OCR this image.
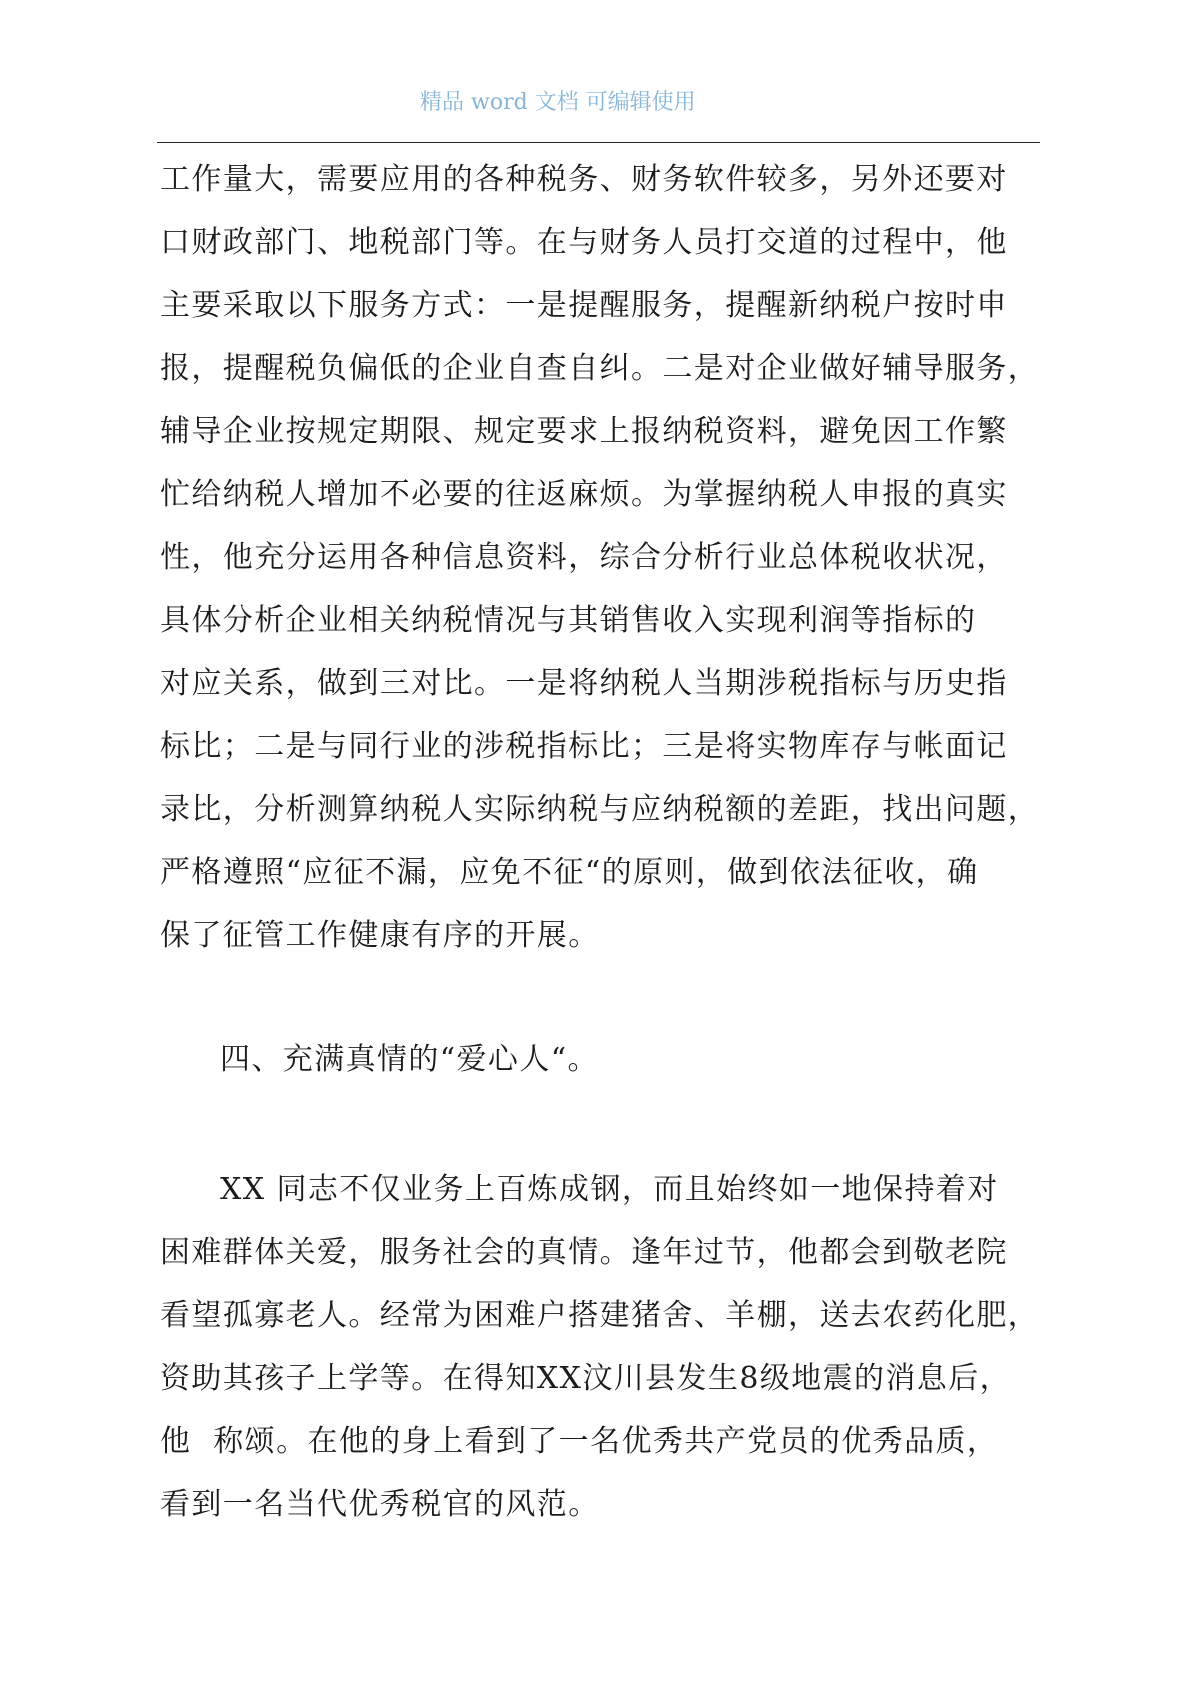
精品 word 文档 可编辑使用
工作量大，需要应用的各种税务、财务软件较多，另外还要对
口财政部门、地税部门等。在与财务人员打交道的过程中，他
主要采取以下服务方式：一是提醒服务，提醒新纳税户按时申
报，提醒税负偏低的企业自查自纠。二是对企业做好辅导服务，
辅导企业按规定期限、规定要求上报纳税资料，避免因工作繁
忙给纳税人增加不必要的往返麻烦。为掌握纳税人申报的真实
性，他充分运用各种信息资料，综合分析行业总体税收状况，
具体分析企业相关纳税情况与其销售收入实现利润等指标的
对应关系，做到三对比。一是将纳税人当期涉税指标与历史指
标比；二是与同行业的涉税指标比；三是将实物库存与帐面记
录比，分析测算纳税人实际纳税与应纳税额的差距，找出问题，
严格遵照“应征不漏，应免不征“的原则，做到依法征收，确
保了征管工作健康有序的开展。
四、充满真情的“爱心人“。
XX 同志不仅业务上百炼成钢，而且始终如一地保持着对
困难群体关爱，服务社会的真情。逢年过节，他都会到敬老院
看望孤寡老人。经常为困难户搭建猪舍、羊棚，送去农药化肥，
资助其孩子上学等。在得知XX汶川县发生8级地震的消息后，
他  称颂。在他的身上看到了一名优秀共产党员的优秀品质，
看到一名当代优秀税官的风范。
